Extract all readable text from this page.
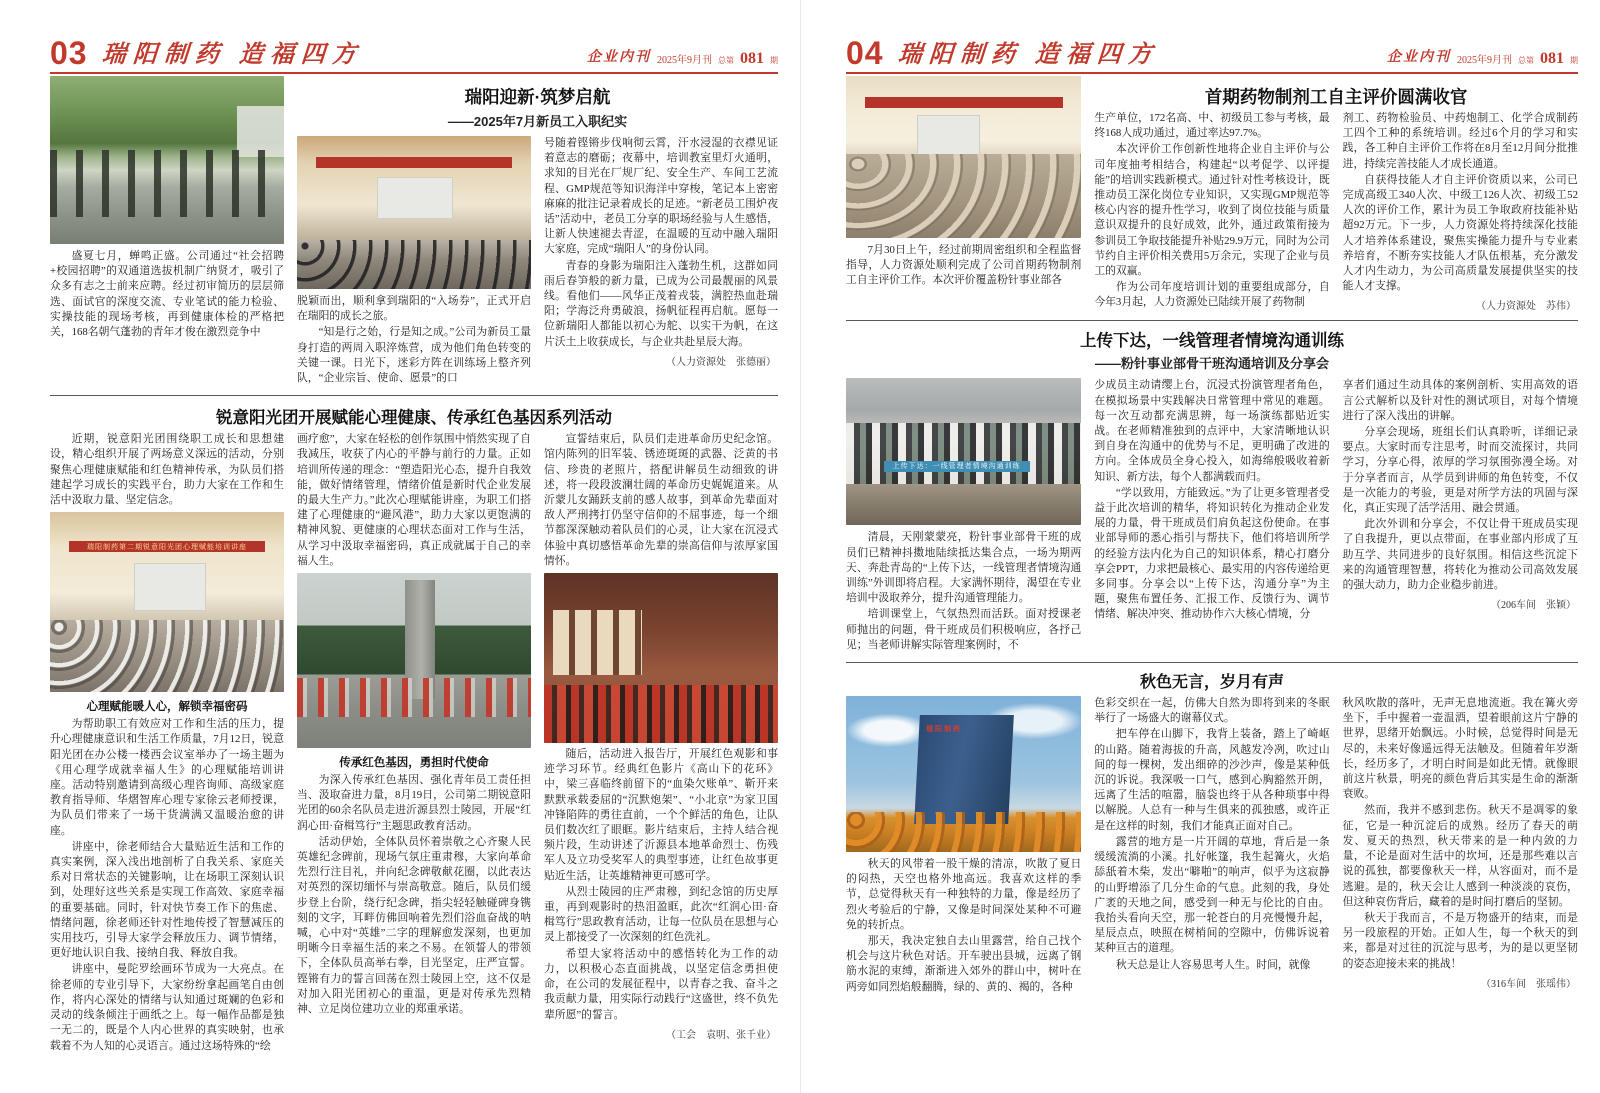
03 瑞阳制药 造福四方	企业内刊 2025年9月刊 总第 081 期
瑞阳迎新·筑梦启航
——2025年7月新员工入职纪实

盛夏七月，蝉鸣正盛。公司通过“社会招聘+校园招聘”的双通道选拔机制广纳贤才，吸引了众多有志之士前来应聘。经过初审简历的层层筛选、面试官的深度交流、专业笔试的能力检验、实操技能的现场考核，再到健康体检的严格把关，168名朝气蓬勃的青年才俊在激烈竞争中

脱颖而出，顺利拿到瑞阳的“入场券”，正式开启在瑞阳的成长之旅。

“知是行之始，行是知之成。”公司为新员工量身打造的两周入职淬炼营，成为他们角色转变的关键一课。日光下，迷彩方阵在训练场上整齐列队，“企业宗旨、使命、愿景”的口

号随着铿锵步伐响彻云霄，汗水浸湿的衣襟见证着意志的磨砺；夜幕中，培训教室里灯火通明，求知的目光在厂规厂纪、安全生产、车间工艺流程、GMP规范等知识海洋中穿梭，笔记本上密密麻麻的批注记录着成长的足迹。“新老员工围炉夜话”活动中，老员工分享的职场经验与人生感悟，让新人快速褪去青涩，在温暖的互动中融入瑞阳大家庭，完成“瑞阳人”的身份认同。

青春的身影为瑞阳注入蓬勃生机，这群如同雨后春笋般的新力量，已成为公司最靓丽的风景线。看他们——风华正茂着戎装，满腔热血赴瑞阳；学海泛舟勇破浪，扬帆征程再启航。愿每一位新瑞阳人都能以初心为舵、以实干为帆，在这片沃土上收获成长，与企业共赴星辰大海。

（人力资源处　张德丽）
锐意阳光团开展赋能心理健康、传承红色基因系列活动

近期，锐意阳光团围绕职工成长和思想建设，精心组织开展了两场意义深远的活动，分别聚焦心理健康赋能和红色精神传承，为队员们搭建起学习成长的实践平台，助力大家在工作和生活中汲取力量、坚定信念。

瑞阳制药第二期锐意阳光团心理赋能培训讲座
心理赋能暖人心，解锁幸福密码

为帮助职工有效应对工作和生活的压力，提升心理健康意识和生活工作质量，7月12日，锐意阳光团在办公楼一楼西会议室举办了一场主题为《用心理学成就幸福人生》的心理赋能培训讲座。活动特别邀请到高级心理咨询师、高级家庭教育指导师、华熠智库心理专家徐云老师授课，为队员们带来了一场干货满满又温暖治愈的讲座。

讲座中，徐老师结合大量贴近生活和工作的真实案例，深入浅出地剖析了自我关系、家庭关系对日常状态的关键影响，让在场职工深刻认识到，处理好这些关系是实现工作高效、家庭幸福的重要基础。同时，针对快节奏工作下的焦虑、情绪问题，徐老师还针对性地传授了智慧减压的实用技巧，引导大家学会释放压力、调节情绪，更好地认识自我、接纳自我、释放自我。

讲座中，曼陀罗绘画环节成为一大亮点。在徐老师的专业引导下，大家纷纷拿起画笔自由创作，将内心深处的情绪与认知通过斑斓的色彩和灵动的线条倾注于画纸之上。每一幅作品都是独一无二的，既是个人内心世界的真实映射，也承载着不为人知的心灵语言。通过这场特殊的“绘

画疗愈”，大家在轻松的创作氛围中悄然实现了自我减压，收获了内心的平静与前行的力量。正如培训所传递的理念：“塑造阳光心态，提升自我效能，做好情绪管理，情绪价值是新时代企业发展的最大生产力。”此次心理赋能讲座，为职工们搭建了心理健康的“避风港”，助力大家以更饱满的精神风貌、更健康的心理状态面对工作与生活，从学习中汲取幸福密码，真正成就属于自己的幸福人生。

传承红色基因，勇担时代使命

为深入传承红色基因、强化青年员工责任担当、汲取奋进力量，8月19日，公司第二期锐意阳光团的60余名队员走进沂源县烈士陵园，开展“红润心田·奋楫笃行”主题思政教育活动。

活动伊始，全体队员怀着崇敬之心齐聚人民英雄纪念碑前，现场气氛庄重肃穆，大家向革命先烈行注目礼，并向纪念碑敬献花圈，以此表达对英烈的深切缅怀与崇高敬意。随后，队员们缓步登上台阶，绕行纪念碑，指尖轻轻触碰碑身镌刻的文字，耳畔仿佛回响着先烈们浴血奋战的呐喊，心中对“英雄”二字的理解愈发深刻，也更加明晰今日幸福生活的来之不易。在领誓人的带领下，全体队员高举右拳，目光坚定，庄严宣誓。铿锵有力的誓言回荡在烈士陵园上空，这不仅是对加入阳光团初心的重温，更是对传承先烈精神、立足岗位建功立业的郑重承诺。

宣誓结束后，队员们走进革命历史纪念馆。馆内陈列的旧军装、锈迹斑斑的武器、泛黄的书信、珍贵的老照片，搭配讲解员生动细致的讲述，将一段段波澜壮阔的革命历史娓娓道来。从沂蒙儿女踊跃支前的感人故事，到革命先辈面对敌人严刑拷打仍坚守信仰的不屈事迹，每一个细节都深深触动着队员们的心灵，让大家在沉浸式体验中真切感悟革命先辈的崇高信仰与浓厚家国情怀。

随后，活动进入报告厅，开展红色观影和事迹学习环节。经典红色影片《高山下的花环》中，梁三喜临终前留下的“血染欠账单”、靳开来默默承载委屈的“沉默炮架”、“小北京”为家卫国冲锋陷阵的勇往直前，一个个鲜活的角色，让队员们数次红了眼眶。影片结束后，主持人结合视频片段，生动讲述了沂源县本地革命烈士、伤残军人及立功受奖军人的典型事迹，让红色故事更贴近生活，让英雄精神更可感可学。

从烈士陵园的庄严肃穆，到纪念馆的历史厚重，再到观影时的热泪盈眶，此次“红润心田·奋楫笃行”思政教育活动，让每一位队员在思想与心灵上都接受了一次深刻的红色洗礼。

希望大家将活动中的感悟转化为工作的动力，以积极心态直面挑战，以坚定信念勇担使命，在公司的发展征程中，以青春之我、奋斗之我贡献力量，用实际行动践行“这盛世，终不负先辈所愿”的誓言。

（工会　袁明、张千业）
04 瑞阳制药 造福四方	企业内刊 2025年9月刊 总第 081 期
首期药物制剂工自主评价圆满收官

7月30日上午，经过前期周密组织和全程监督指导，人力资源处顺利完成了公司首期药物制剂工自主评价工作。本次评价覆盖粉针事业部各

生产单位，172名高、中、初级员工参与考核，最终168人成功通过，通过率达97.7%。

本次评价工作创新性地将企业自主评价与公司年度抽考相结合，构建起“以考促学、以评提能”的培训实践新模式。通过针对性考核设计，既推动员工深化岗位专业知识，又实现GMP规范等核心内容的提升性学习，收到了岗位技能与质量意识双提升的良好成效，此外，通过政策衔接为参训员工争取技能提升补贴29.9万元，同时为公司节约自主评价相关费用5万余元，实现了企业与员工的双赢。

作为公司年度培训计划的重要组成部分，自今年3月起，人力资源处已陆续开展了药物制

剂工、药物检验员、中药炮制工、化学合成制药工四个工种的系统培训。经过6个月的学习和实践，各工种自主评价工作将在8月至12月间分批推进，持续完善技能人才成长通道。

自获得技能人才自主评价资质以来，公司已完成高级工340人次、中级工126人次、初级工52人次的评价工作，累计为员工争取政府技能补贴超92万元。下一步，人力资源处将持续深化技能人才培养体系建设，聚焦实操能力提升与专业素养培育，不断夯实技能人才队伍根基，充分激发人才内生动力，为公司高质量发展提供坚实的技能人才支撑。

（人力资源处　苏伟）
上传下达，一线管理者情境沟通训练
——粉针事业部骨干班沟通培训及分享会
上传下达：一线管理者情境沟通训练

清晨，天刚蒙蒙亮，粉针事业部骨干班的成员们已精神抖擞地陆续抵达集合点，一场为期两天、奔赴青岛的“上传下达，一线管理者情境沟通训练”外训即将启程。大家满怀期待，渴望在专业培训中汲取养分，提升沟通管理能力。

培训课堂上，气氛热烈而活跃。面对授课老师抛出的问题，骨干班成员们积极响应，各抒己见；当老师讲解实际管理案例时，不

少成员主动请缨上台，沉浸式扮演管理者角色，在模拟场景中实践解决日常管理中常见的难题。每一次互动都充满思辨，每一场演练都贴近实战。在老师精准独到的点评中，大家清晰地认识到自身在沟通中的优势与不足，更明确了改进的方向。全体成员全身心投入，如海绵般吸收着新知识、新方法，每个人都满载而归。

“学以致用，方能致远。”为了让更多管理者受益于此次培训的精华，将知识转化为推动企业发展的力量，骨干班成员们肩负起这份使命。在事业部导师的悉心指引与帮扶下，他们将培训所学的经验方法内化为自己的知识体系，精心打磨分享会PPT，力求把最核心、最实用的内容传递给更多同事。分享会以“上传下达，沟通分享”为主题，聚焦布置任务、汇报工作、反馈行为、调节情绪、解决冲突、推动协作六大核心情境，分

享者们通过生动具体的案例剖析、实用高效的语言公式解析以及针对性的测试项目，对每个情境进行了深入浅出的讲解。

分享会现场，班组长们认真聆听，详细记录要点。大家时而专注思考，时而交流探讨，共同学习，分享心得，浓厚的学习氛围弥漫全场。对于分享者而言，从学员到讲师的角色转变，不仅是一次能力的考验，更是对所学方法的巩固与深化，真正实现了活学活用、融会贯通。

此次外训和分享会，不仅让骨干班成员实现了自我提升，更以点带面，在事业部内形成了互助互学、共同进步的良好氛围。相信这些沉淀下来的沟通管理智慧，将转化为推动公司高效发展的强大动力，助力企业稳步前进。

（206车间　张颖）
秋色无言，岁月有声
瑞阳制药

秋天的风带着一股干燥的清凉，吹散了夏日的闷热，天空也格外地高远。我喜欢这样的季节，总觉得秋天有一种独特的力量，像是经历了烈火考验后的宁静，又像是时间深处某种不可避免的转折点。

那天，我决定独自去山里露营，给自己找个机会与这片秋色对话。开车驶出县城，远离了钢筋水泥的束缚，渐渐进入郊外的群山中，树叶在两旁如同烈焰般翻腾，绿的、黄的、褐的，各种

色彩交织在一起，仿佛大自然为即将到来的冬眠举行了一场盛大的谢幕仪式。

把车停在山脚下，我背上装备，踏上了崎岖的山路。随着海拔的升高，风越发冷冽，吹过山间的每一棵树，发出细碎的沙沙声，像是某种低沉的诉说。我深吸一口气，感到心胸豁然开朗，远离了生活的喧嚣，脑袋也终于从各种琐事中得以解脱。人总有一种与生俱来的孤独感，或许正是在这样的时刻，我们才能真正面对自己。

露营的地方是一片开阔的草地，背后是一条缓缓流淌的小溪。扎好帐篷，我生起篝火，火焰舔舐着木柴，发出“噼啪”的响声，似乎为这寂静的山野增添了几分生命的气息。此刻的我，身处广袤的天地之间，感受到一种无与伦比的自由。我抬头看向天空，那一轮苍白的月亮慢慢升起，星辰点点，映照在树梢间的空隙中，仿佛诉说着某种亘古的道理。

秋天总是让人容易思考人生。时间，就像

秋风吹散的落叶，无声无息地流逝。我在篝火旁坐下，手中握着一壶温酒，望着眼前这片宁静的世界，思绪开始飘远。小时候，总觉得时间是无尽的，未来好像遥远得无法触及。但随着年岁渐长，经历多了，才明白时间是如此无情。就像眼前这片秋景，明亮的颜色背后其实是生命的渐渐衰败。

然而，我并不感到悲伤。秋天不是凋零的象征，它是一种沉淀后的成熟。经历了春天的萌发、夏天的热烈，秋天带来的是一种内敛的力量，不论是面对生活中的坎坷，还是那些难以言说的孤独，都要像秋天一样，从容面对，而不是逃避。是的，秋天会让人感到一种淡淡的哀伤，但这种哀伤背后，藏着的是时间打磨后的坚韧。

秋天于我而言，不是万物盛开的结束，而是另一段旅程的开始。正如人生，每一个秋天的到来，都是对过往的沉淀与思考，为的是以更坚韧的姿态迎接未来的挑战！

（316车间　张瑶伟）
